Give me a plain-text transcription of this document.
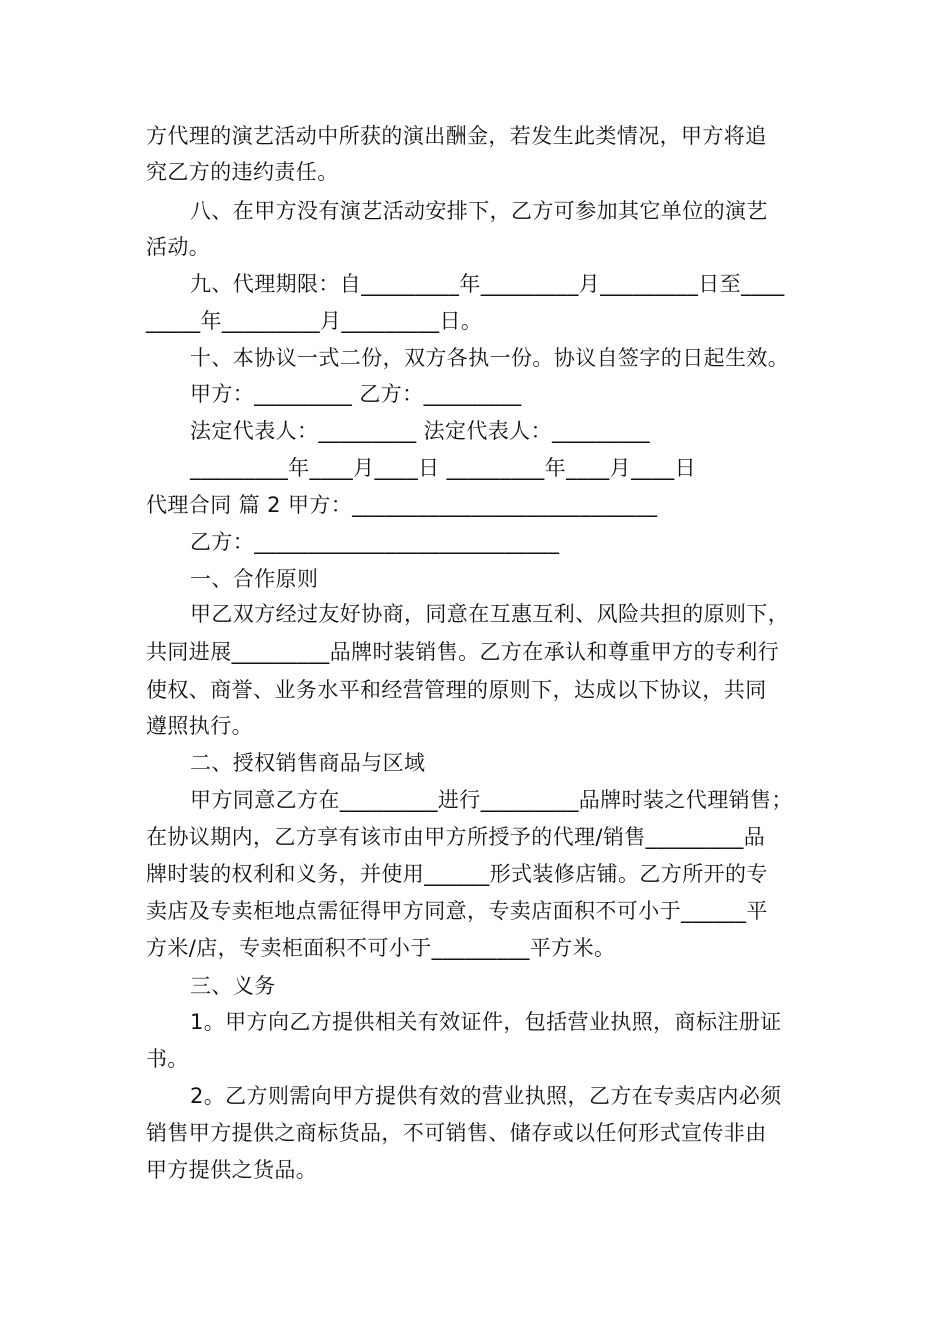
方代理的演艺活动中所获的演出酬金，若发生此类情况，甲方将追
究乙方的违约责任。
八、在甲方没有演艺活动安排下，乙方可参加其它单位的演艺
活动。
九、代理期限：自_________年_________月_________日至____
_____年_________月_________日。
十、本协议一式二份，双方各执一份。协议自签字的日起生效。
甲方：_________ 乙方：_________
法定代表人：_________ 法定代表人：_________
_________年____月____日 _________年____月____日
代理合同 篇 2 甲方：____________________________
乙方：____________________________
一、合作原则
甲乙双方经过友好协商，同意在互惠互利、风险共担的原则下，
共同进展_________品牌时装销售。乙方在承认和尊重甲方的专利行
使权、商誉、业务水平和经营管理的原则下，达成以下协议，共同
遵照执行。
二、授权销售商品与区域
甲方同意乙方在_________进行_________品牌时装之代理销售；
在协议期内，乙方享有该市由甲方所授予的代理/销售_________品
牌时装的权利和义务，并使用______形式装修店铺。乙方所开的专
卖店及专卖柜地点需征得甲方同意，专卖店面积不可小于______平
方米/店，专卖柜面积不可小于_________平方米。
三、义务
1。甲方向乙方提供相关有效证件，包括营业执照，商标注册证
书。
2。乙方则需向甲方提供有效的营业执照，乙方在专卖店内必须
销售甲方提供之商标货品，不可销售、储存或以任何形式宣传非由
甲方提供之货品。
